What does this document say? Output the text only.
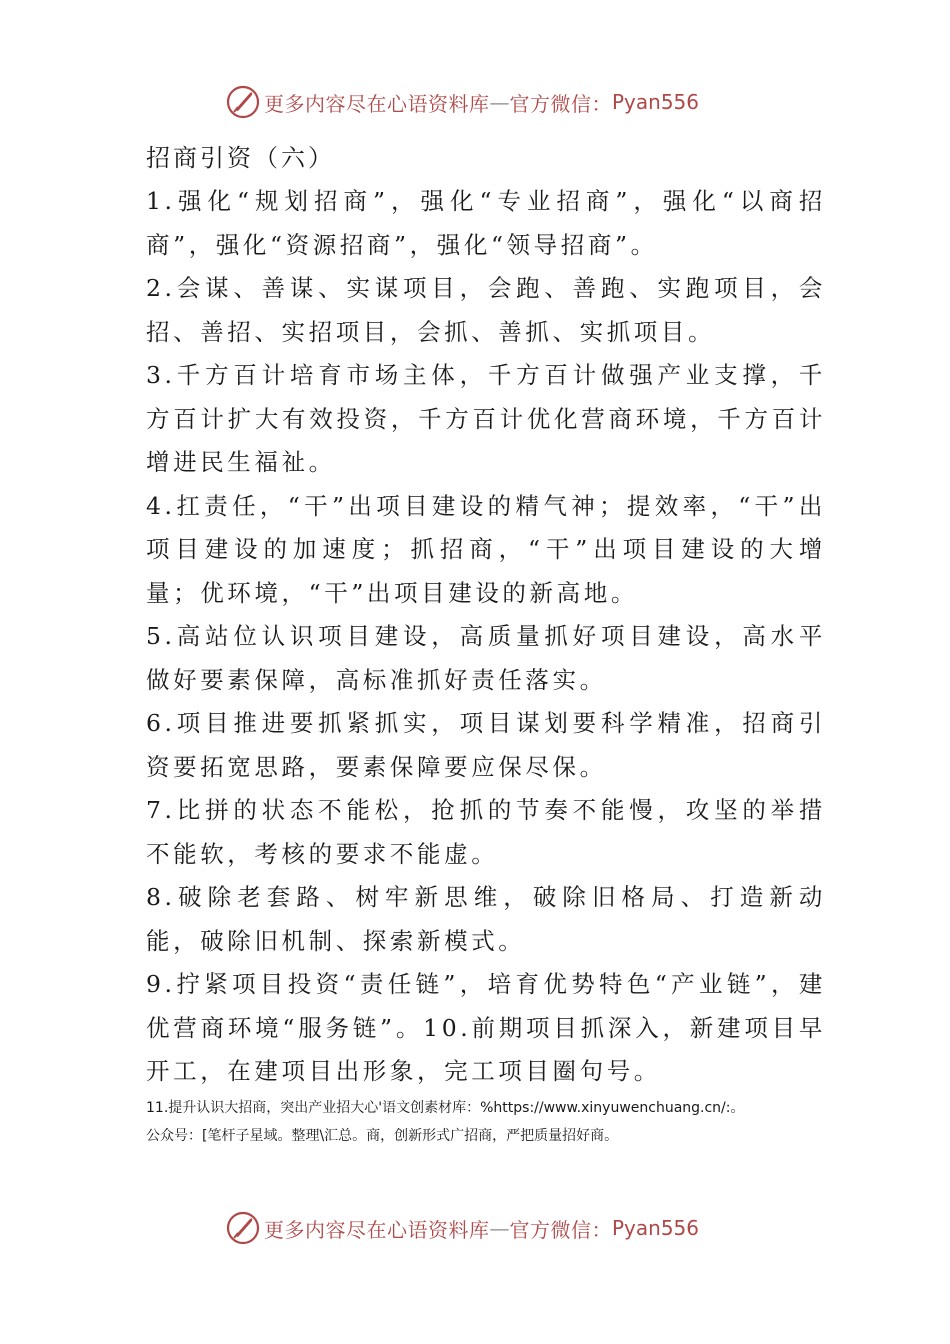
更多内容尽在心语资料库 — 官方微信： Pyan556

招商引资（六）

1.强化“规划招商”，强化“专业招商”，强化“以商招商”，强化“资源招商”，强化“领导招商”。

2.会谋、善谋、实谋项目，会跑、善跑、实跑项目，会招、善招、实招项目，会抓、善抓、实抓项目。

3.千方百计培育市场主体，千方百计做强产业支撑，千方百计扩大有效投资，千方百计优化营商环境，千方百计增进民生福祉。

4.扛责任，“干”出项目建设的精气神；提效率，“干”出项目建设的加速度；抓招商，“干”出项目建设的大增量；优环境，“干”出项目建设的新高地。

5.高站位认识项目建设，高质量抓好项目建设，高水平做好要素保障，高标准抓好责任落实。

6.项目推进要抓紧抓实，项目谋划要科学精准，招商引资要拓宽思路，要素保障要应保尽保。

7.比拼的状态不能松，抢抓的节奏不能慢，攻坚的举措不能软，考核的要求不能虚。

8.破除老套路、树牢新思维，破除旧格局、打造新动能，破除旧机制、探索新模式。

9.拧紧项目投资“责任链”，培育优势特色“产业链”，建优营商环境“服务链”。10.前期项目抓深入，新建项目早开工，在建项目出形象，完工项目圈句号。

11.提升认识大招商，突出产业招大心'语文创素材库：%https://www.xinyuwenchuang.cn/:。

公众号：[笔杆子星域。整理\汇总。商，创新形式广招商，严把质量招好商。

更多内容尽在心语资料库 — 官方微信： Pyan556
